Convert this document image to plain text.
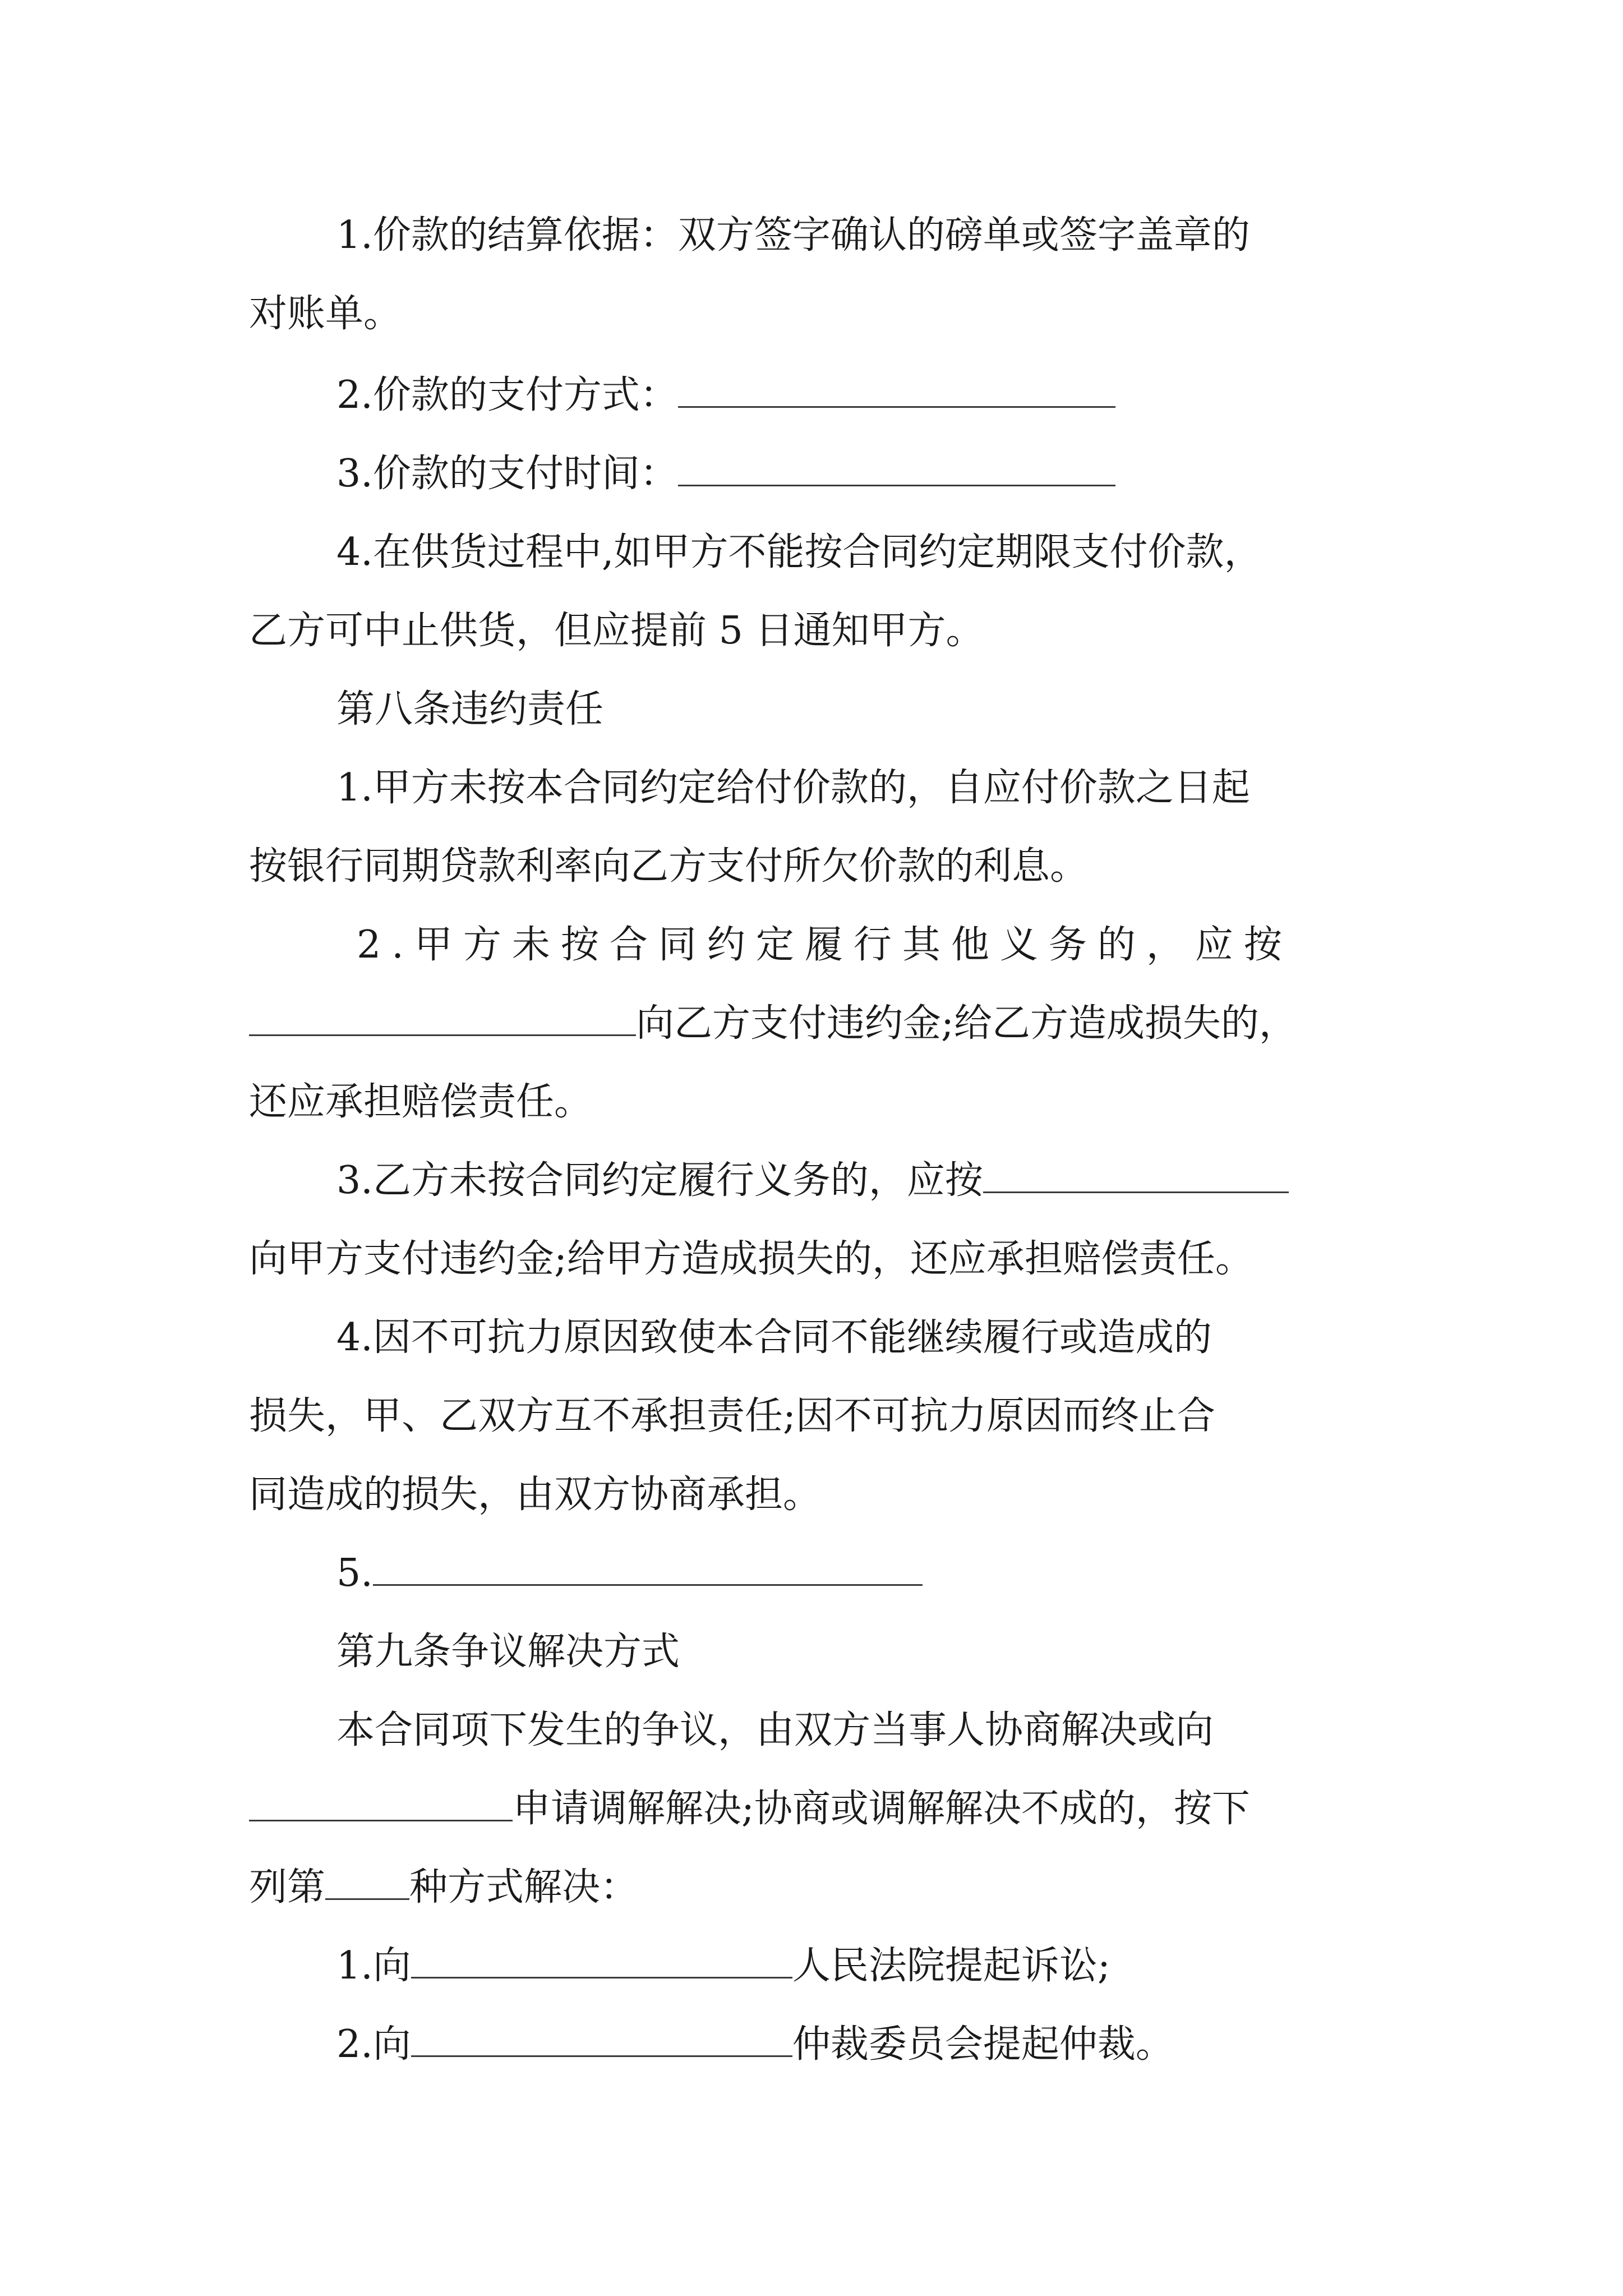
1.价款的结算依据：双方签字确认的磅单或签字盖章的
对账单。
2.价款的支付方式：
3.价款的支付时间：
4.在供货过程中,如甲方不能按合同约定期限支付价款，
乙方可中止供货，但应提前 5 日通知甲方。
第八条违约责任
1.甲方未按本合同约定给付价款的，自应付价款之日起
按银行同期贷款利率向乙方支付所欠价款的利息。
2.甲方未按合同约定履行其他义务的，应按
向乙方支付违约金;给乙方造成损失的，
还应承担赔偿责任。
3.乙方未按合同约定履行义务的，应按
向甲方支付违约金;给甲方造成损失的，还应承担赔偿责任。
4.因不可抗力原因致使本合同不能继续履行或造成的
损失，甲、乙双方互不承担责任;因不可抗力原因而终止合
同造成的损失，由双方协商承担。
5.
第九条争议解决方式
本合同项下发生的争议，由双方当事人协商解决或向
申请调解解决;协商或调解解决不成的，按下
列第 种方式解决：
1.向	人民法院提起诉讼;
2.向	仲裁委员会提起仲裁。
